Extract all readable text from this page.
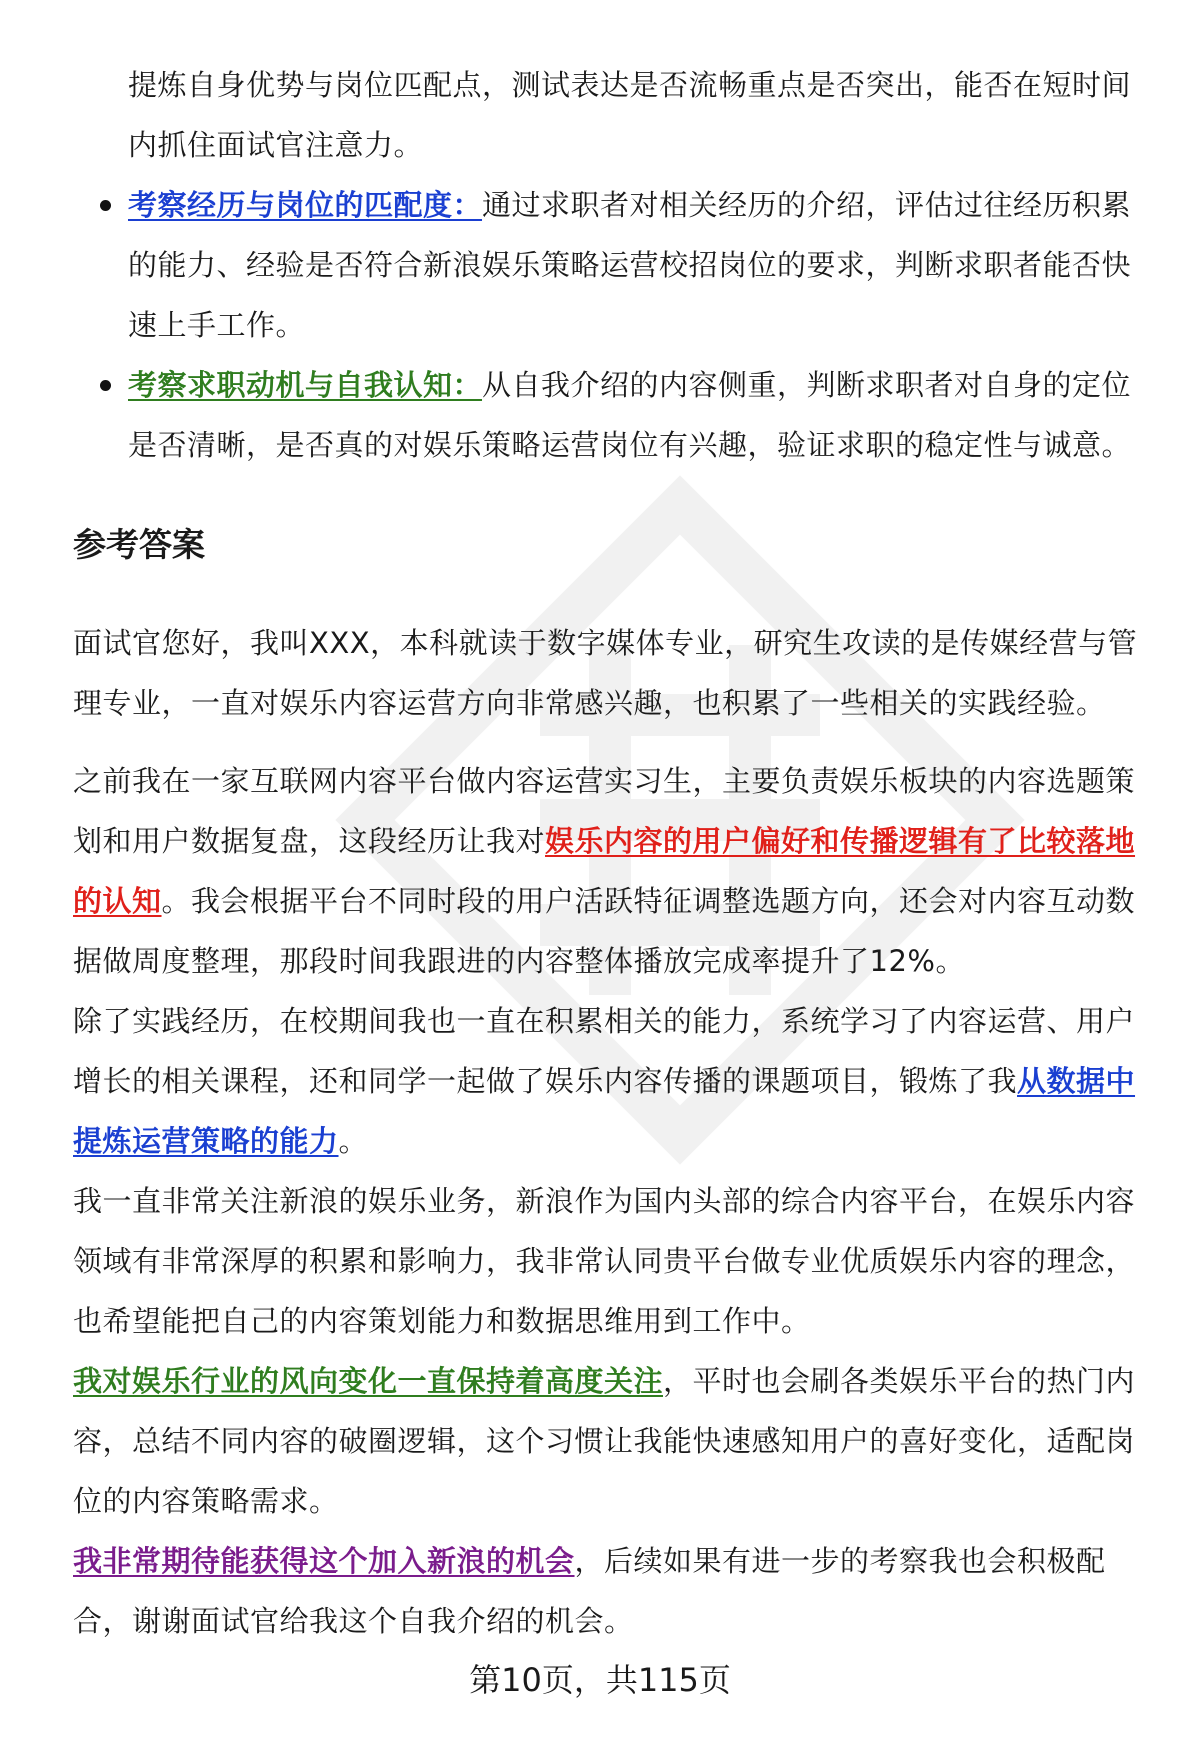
提炼自身优势与岗位匹配点，测试表达是否流畅重点是否突出，能否在短时间内抓住面试官注意力。

考察经历与岗位的匹配度：通过求职者对相关经历的介绍，评估过往经历积累的能力、经验是否符合新浪娱乐策略运营校招岗位的要求，判断求职者能否快速上手工作。
考察求职动机与自我认知：从自我介绍的内容侧重，判断求职者对自身的定位是否清晰，是否真的对娱乐策略运营岗位有兴趣，验证求职的稳定性与诚意。
参考答案

面试官您好，我叫XXX，本科就读于数字媒体专业，研究生攻读的是传媒经营与管理专业，一直对娱乐内容运营方向非常感兴趣，也积累了一些相关的实践经验。

之前我在一家互联网内容平台做内容运营实习生，主要负责娱乐板块的内容选题策划和用户数据复盘，这段经历让我对娱乐内容的用户偏好和传播逻辑有了比较落地的认知。我会根据平台不同时段的用户活跃特征调整选题方向，还会对内容互动数据做周度整理，那段时间我跟进的内容整体播放完成率提升了12%。

除了实践经历，在校期间我也一直在积累相关的能力，系统学习了内容运营、用户增长的相关课程，还和同学一起做了娱乐内容传播的课题项目，锻炼了我从数据中提炼运营策略的能力。

我一直非常关注新浪的娱乐业务，新浪作为国内头部的综合内容平台，在娱乐内容领域有非常深厚的积累和影响力，我非常认同贵平台做专业优质娱乐内容的理念，也希望能把自己的内容策划能力和数据思维用到工作中。

我对娱乐行业的风向变化一直保持着高度关注，平时也会刷各类娱乐平台的热门内容，总结不同内容的破圈逻辑，这个习惯让我能快速感知用户的喜好变化，适配岗位的内容策略需求。

我非常期待能获得这个加入新浪的机会，后续如果有进一步的考察我也会积极配合，谢谢面试官给我这个自我介绍的机会。

第10页，共115页
